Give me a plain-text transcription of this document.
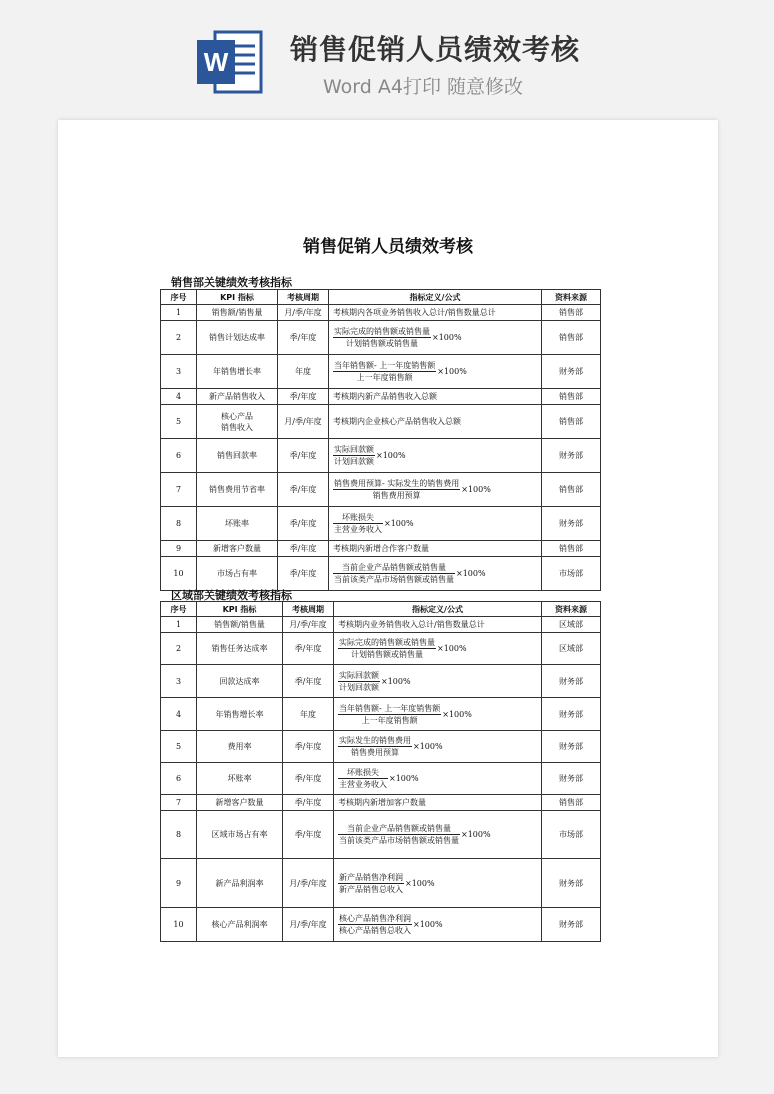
W 销售促销人员绩效考核
Word A4打印 随意修改
销售促销人员绩效考核
销售部关键绩效考核指标
序号	KPI 指标	考核周期	指标定义/公式	资料来源
1	销售额/销售量	月/季/年度	考核期内各项业务销售收入总计/销售数量总计	销售部
2	销售计划达成率	季/年度	$\frac{\text{实际完成的销售额或销售量}}{\text{计划销售额或销售量}} \times 100\%$	销售部
3	年销售增长率	年度	$\frac{\text{当年销售额- 上一年度销售额}}{\text{上一年度销售额}} \times 100\%$	财务部
4	新产品销售收入	季/年度	考核期内新产品销售收入总额	销售部
5	核心产品
销售收入	月/季/年度	考核期内企业核心产品销售收入总额	销售部
6	销售回款率	季/年度	$\frac{\text{实际回款额}}{\text{计划回款额}} \times 100\%$	财务部
7	销售费用节省率	季/年度	$\frac{\text{销售费用预算- 实际发生的销售费用}}{\text{销售费用预算}} \times 100\%$	销售部
8	坏账率	季/年度	$\frac{\text{坏账损失}}{\text{主营业务收入}} \times 100\%$	财务部
9	新增客户数量	季/年度	考核期内新增合作客户数量	销售部
10	市场占有率	季/年度	$\frac{\text{当前企业产品销售额或销售量}}{\text{当前该类产品市场销售额或销售量}} \times 100\%$	市场部
区域部关键绩效考核指标
序号	KPI 指标	考核周期	指标定义/公式	资料来源
1	销售额/销售量	月/季/年度	考核期内业务销售收入总计/销售数量总计	区域部
2	销售任务达成率	季/年度	$\frac{\text{实际完成的销售额或销售量}}{\text{计划销售额或销售量}} \times 100\%$	区域部
3	回款达成率	季/年度	$\frac{\text{实际回款额}}{\text{计划回款额}} \times 100\%$	财务部
4	年销售增长率	年度	$\frac{\text{当年销售额- 上一年度销售额}}{\text{上一年度销售额}} \times 100\%$	财务部
5	费用率	季/年度	$\frac{\text{实际发生的销售费用}}{\text{销售费用预算}} \times 100\%$	财务部
6	坏账率	季/年度	$\frac{\text{坏账损失}}{\text{主营业务收入}} \times 100\%$	财务部
7	新增客户数量	季/年度	考核期内新增加客户数量	销售部
8	区域市场占有率	季/年度	$\frac{\text{当前企业产品销售额或销售量}}{\text{当前该类产品市场销售额或销售量}} \times 100\%$	市场部
9	新产品利润率	月/季/年度	$\frac{\text{新产品销售净利润}}{\text{新产品销售总收入}} \times 100\%$	财务部
10	核心产品利润率	月/季/年度	$\frac{\text{核心产品销售净利润}}{\text{核心产品销售总收入}} \times 100\%$	财务部
